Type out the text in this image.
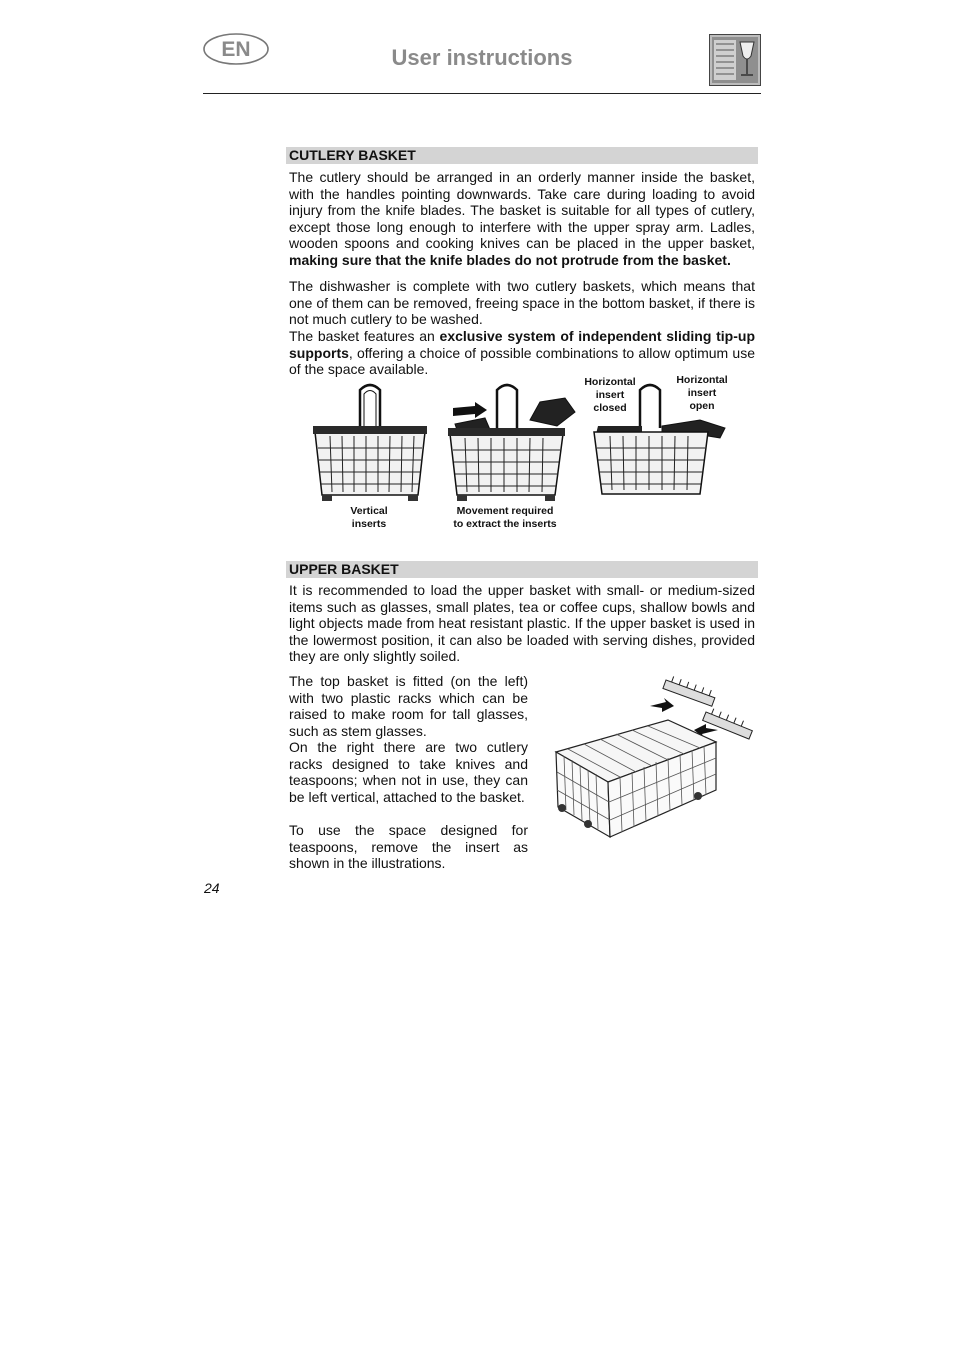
EN	User instructions
CUTLERY BASKET

The cutlery should be arranged in an orderly manner inside the basket, with the handles pointing downwards. Take care during loading to avoid injury from the knife blades. The basket is suitable for all types of cutlery, except those long enough to interfere with the upper spray arm. Ladles, wooden spoons and cooking knives can be placed in the upper basket, making sure that the knife blades do not protrude from the basket.

The dishwasher is complete with two cutlery baskets, which means that one of them can be removed, freeing space in the bottom basket, if there is not much cutlery to be washed.

The basket features an exclusive system of independent sliding tip-up supports, offering a choice of possible combinations to allow optimum use of the space available.

Vertical
inserts
Movement required
to extract the inserts
Horizontal
insert
closed
Horizontal
insert
open
UPPER BASKET

It is recommended to load the upper basket with small- or medium-sized items such as glasses, small plates, tea or coffee cups, shallow bowls and light objects made from heat resistant plastic. If the upper basket is used in the lowermost position, it can also be loaded with serving dishes, provided they are only slightly soiled.

The top basket is fitted (on the left) with two plastic racks which can be raised to make room for tall glasses, such as stem glasses.

On the right there are two cutlery racks designed to take knives and teaspoons; when not in use, they can be left vertical, attached to the basket.

To use the space designed for teaspoons, remove the insert as shown in the illustrations.

24
